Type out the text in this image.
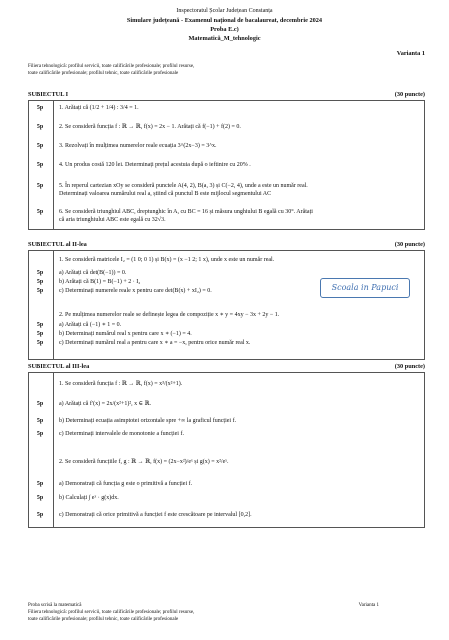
Inspectoratul Școlar Județean Constanța
Simulare județeană - Examenul național de bacalaureat, decembrie 2024
Proba E.c)
Matematică_M_tehnologic
Varianta 1
Filiera tehnologică: profilul servicii, toate calificările profesionale; profilul resurse,
toate calificările profesionale; profilul tehnic, toate calificările profesionale
SUBIECTUL I	(30 puncte)
5p	1. Arătați că (1/2 + 1/4) : 3/4 = 1.
5p	2. Se consideră funcția f : ℝ → ℝ, f(x) = 2x − 1. Arătați că f(−1) + f(2) = 0.
5p	3. Rezolvați în mulțimea numerelor reale ecuația 3^(2x−3) = 3^x.
5p	4. Un produs costă 120 lei. Determinați prețul acestuia după o ieftinire cu 20% .
5p	5. În reperul cartezian xOy se consideră punctele A(4, 2), B(a, 3) și C(−2, 4), unde a este un număr real.
Determinați valoarea numărului real a, știind că punctul B este mijlocul segmentului AC
5p	6. Se consideră triunghiul ABC, dreptunghic în A, cu BC = 16 și măsura unghiului B egală cu 30°. Arătați
că aria triunghiului ABC este egală cu 32√3.
SUBIECTUL al II-lea	(30 puncte)
1. Se consideră matricele I₂ = (1 0; 0 1) și B(x) = (x −1 2; 1 x), unde x este un număr real.
5p	a) Arătați că det(B(−1)) = 0.
5p	b) Arătați că B(1) = B(−1) + 2 · I₂
5p	c) Determinați numerele reale x pentru care det(B(x) + xI₂) = 0.
2. Pe mulțimea numerelor reale se definește legea de compoziție x ∗ y = 4xy − 3x + 2y − 1.
5p	a) Arătați că (−1) ∗ 1 = 0.
5p	b) Determinați numărul real x pentru care x ∗ (−1) = 4.
5p	c) Determinați numărul real a pentru care x ∗ a = −x, pentru orice număr real x.
Scoala in Papuci
SUBIECTUL al III-lea	(30 puncte)
1. Se consideră funcția f : ℝ → ℝ, f(x) = x³/(x²+1).
5p	a) Arătați că f′(x) = 2x/(x²+1)², x ∈ ℝ.
5p	b) Determinați ecuația asimptotei orizontale spre +∞ la graficul funcției f.
5p	c) Determinați intervalele de monotonie a funcției f.
2. Se consideră funcțiile f, g : ℝ → ℝ, f(x) = (2x−x²)/eˣ și g(x) = x²/eˣ.
5p	a) Demonstrați că funcția g este o primitivă a funcției f.
5p	b) Calculați ∫ eˣ · g(x)dx.
5p	c) Demonstrați că orice primitivă a funcției f este crescătoare pe intervalul [0,2].
Proba scrisă la matematică
Filiera tehnologică: profilul servicii, toate calificările profesionale; profilul resurse,
toate calificările profesionale; profilul tehnic, toate calificările profesionale
Varianta 1
